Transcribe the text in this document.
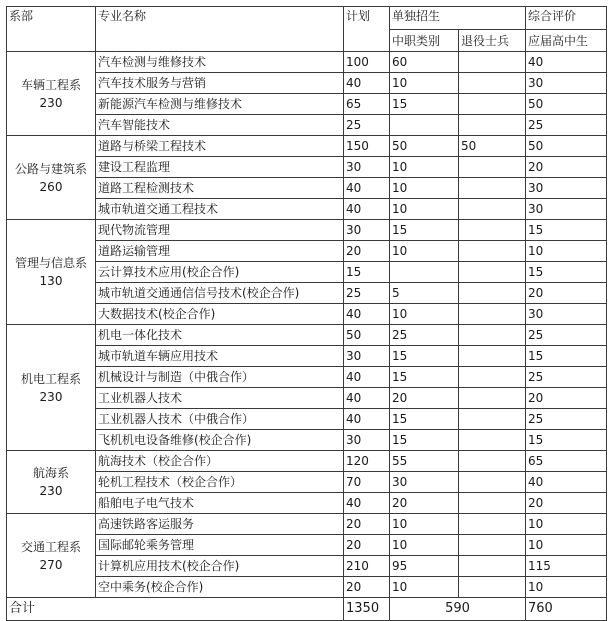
系部	专业名称	计划	单独招生		综合评价
			中职类别	退役士兵	应届高中生

车辆工程系
230	汽车检测与维修技术	100	60		40
	汽车技术服务与营销	40	10		30
	新能源汽车检测与维修技术	65	15		50
	汽车智能技术	25			25

公路与建筑系
260	道路与桥梁工程技术	150	50	50	50
	建设工程监理	30	10		20
	道路工程检测技术	40	10		30
	城市轨道交通工程技术	40	10		30

管理与信息系
130	现代物流管理	30	15		15
	道路运输管理	20	10		10
	云计算技术应用(校企合作)	15			15
	城市轨道交通通信信号技术(校企合作)	25	5		20
	大数据技术(校企合作)	40	10		30

机电工程系
230	机电一体化技术	50	25		25
	城市轨道车辆应用技术	30	15		15
	机械设计与制造（中俄合作）	40	15		25
	工业机器人技术	40	20		20
	工业机器人技术（中俄合作）	40	15		25
	飞机机电设备维修(校企合作)	30	15		15

航海系
230	航海技术（校企合作）	120	55		65
	轮机工程技术（校企合作）	70	30		40
	船舶电子电气技术	40	20		20

交通工程系
270	高速铁路客运服务	20	10		10
	国际邮轮乘务管理	20	10		10
	计算机应用技术(校企合作)	210	95		115
	空中乘务(校企合作)	20	10		10
合计		1350	590		760
